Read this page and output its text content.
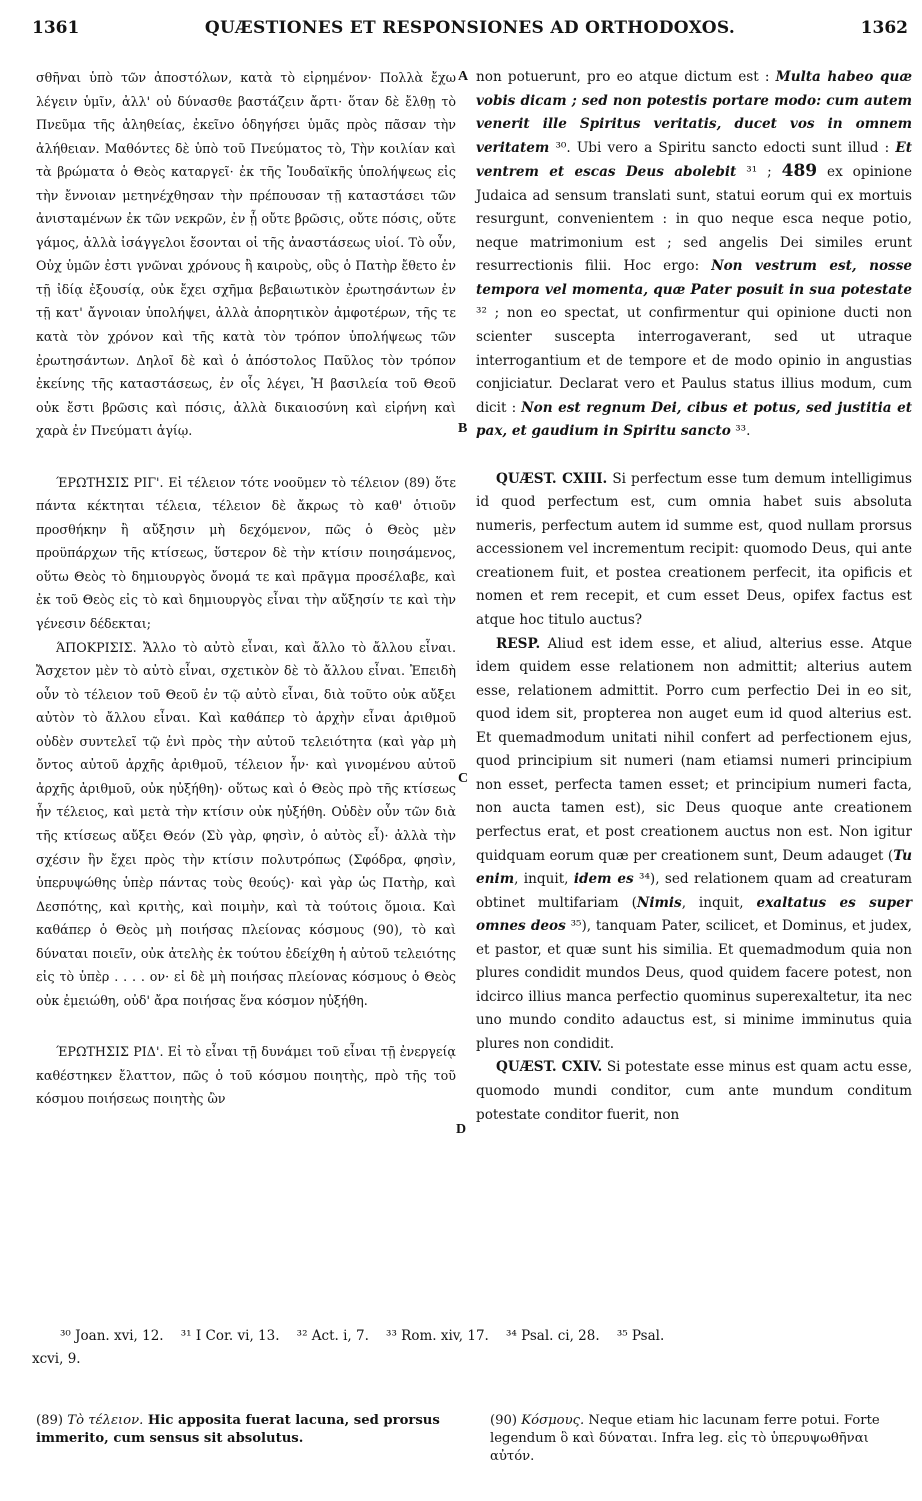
1361	QUÆSTIONES ET RESPONSIONES AD ORTHODOXOS.	1362
A
B
C
D

σθῆναι ὑπὸ τῶν ἀποστόλων, κατὰ τὸ εἰρημένον· Πολλὰ ἔχω λέγειν ὑμῖν, ἀλλ' οὐ δύνασθε βαστάζειν ἄρτι· ὅταν δὲ ἔλθῃ τὸ Πνεῦμα τῆς ἀληθείας, ἐκεῖνο ὁδηγήσει ὑμᾶς πρὸς πᾶσαν τὴν ἀλήθειαν. Μαθόντες δὲ ὑπὸ τοῦ Πνεύματος τὸ, Τὴν κοιλίαν καὶ τὰ βρώματα ὁ Θεὸς καταργεῖ· ἐκ τῆς Ἰουδαϊκῆς ὑπολήψεως εἰς τὴν ἔννοιαν μετηνέχθησαν τὴν πρέπουσαν τῇ καταστάσει τῶν ἀνισταμένων ἐκ τῶν νεκρῶν, ἐν ᾗ οὔτε βρῶσις, οὔτε πόσις, οὔτε γάμος, ἀλλὰ ἰσάγγελοι ἔσονται οἱ τῆς ἀναστάσεως υἱοί. Τὸ οὖν, Οὐχ ὑμῶν ἐστι γνῶναι χρόνους ἢ καιροὺς, οὓς ὁ Πατὴρ ἔθετο ἐν τῇ ἰδίᾳ ἐξουσίᾳ, οὐκ ἔχει σχῆμα βεβαιωτικὸν ἐρωτησάντων ἐν τῇ κατ' ἄγνοιαν ὑπολήψει, ἀλλὰ ἀπορητικὸν ἀμφοτέρων, τῆς τε κατὰ τὸν χρόνον καὶ τῆς κατὰ τὸν τρόπον ὑπολήψεως τῶν ἐρωτησάντων. Δηλοῖ δὲ καὶ ὁ ἀπόστολος Παῦλος τὸν τρόπον ἐκείνης τῆς καταστάσεως, ἐν οἷς λέγει, Ἡ βασιλεία τοῦ Θεοῦ οὐκ ἔστι βρῶσις καὶ πόσις, ἀλλὰ δικαιοσύνη καὶ εἰρήνη καὶ χαρὰ ἐν Πνεύματι ἁγίῳ.

ΈΡΩΤΗΣΙΣ ΡΙΓ'. Εἰ τέλειον τότε νοοῦμεν τὸ τέλειον (89) ὅτε πάντα κέκτηται τέλεια, τέλειον δὲ ἄκρως τὸ καθ' ὁτιοῦν προσθήκην ἢ αὔξησιν μὴ δεχόμενον, πῶς ὁ Θεὸς μὲν προϋπάρχων τῆς κτίσεως, ὕστερον δὲ τὴν κτίσιν ποιησάμενος, οὕτω Θεὸς τὸ δημιουργὸς ὄνομά τε καὶ πρᾶγμα προσέλαβε, καὶ ἐκ τοῦ Θεὸς εἰς τὸ καὶ δημιουργὸς εἶναι τὴν αὔξησίν τε καὶ τὴν γένεσιν δέδεκται;

ΆΠΟΚΡΙΣΙΣ. Ἄλλο τὸ αὐτὸ εἶναι, καὶ ἄλλο τὸ ἄλλου εἶναι. Ἄσχετον μὲν τὸ αὐτὸ εἶναι, σχετικὸν δὲ τὸ ἄλλου εἶναι. Ἐπειδὴ οὖν τὸ τέλειον τοῦ Θεοῦ ἐν τῷ αὐτὸ εἶναι, διὰ τοῦτο οὐκ αὔξει αὐτὸν τὸ ἄλλου εἶναι. Καὶ καθάπερ τὸ ἀρχὴν εἶναι ἀριθμοῦ οὐδὲν συντελεῖ τῷ ἑνὶ πρὸς τὴν αὐτοῦ τελειότητα (καὶ γὰρ μὴ ὄντος αὐτοῦ ἀρχῆς ἀριθμοῦ, τέλειον ἦν· καὶ γινομένου αὐτοῦ ἀρχῆς ἀριθμοῦ, οὐκ ηὐξήθη)· οὕτως καὶ ὁ Θεὸς πρὸ τῆς κτίσεως ἦν τέλειος, καὶ μετὰ τὴν κτίσιν οὐκ ηὐξήθη. Οὐδὲν οὖν τῶν διὰ τῆς κτίσεως αὔξει Θεόν (Σὺ γὰρ, φησὶν, ὁ αὐτὸς εἶ)· ἀλλὰ τὴν σχέσιν ἣν ἔχει πρὸς τὴν κτίσιν πολυτρόπως (Σφόδρα, φησὶν, ὑπερυψώθης ὑπὲρ πάντας τοὺς θεούς)· καὶ γὰρ ὡς Πατὴρ, καὶ Δεσπότης, καὶ κριτὴς, καὶ ποιμὴν, καὶ τὰ τούτοις ὅμοια. Καὶ καθάπερ ὁ Θεὸς μὴ ποιήσας πλείονας κόσμους (90), τὸ καὶ δύναται ποιεῖν, οὐκ ἀτελὴς ἐκ τούτου ἐδείχθη ἡ αὐτοῦ τελειότης εἰς τὸ ὑπὲρ . . . . ον· εἰ δὲ μὴ ποιήσας πλείονας κόσμους ὁ Θεὸς οὐκ ἐμειώθη, οὐδ' ἄρα ποιήσας ἕνα κόσμον ηὐξήθη.

ΈΡΩΤΗΣΙΣ ΡΙΔ'. Εἰ τὸ εἶναι τῇ δυνάμει τοῦ εἶναι τῇ ἐνεργείᾳ καθέστηκεν ἔλαττον, πῶς ὁ τοῦ κόσμου ποιητὴς, πρὸ τῆς τοῦ κόσμου ποιήσεως ποιητὴς ὢν

non potuerunt, pro eo atque dictum est : Multa habeo quæ vobis dicam ; sed non potestis portare modo: cum autem venerit ille Spiritus veritatis, ducet vos in omnem veritatem ³⁰. Ubi vero a Spiritu sancto edocti sunt illud : Et ventrem et escas Deus abolebit ³¹ ; 489 ex opinione Judaica ad sensum translati sunt, statui eorum qui ex mortuis resurgunt, convenientem : in quo neque esca neque potio, neque matrimonium est ; sed angelis Dei similes erunt resurrectionis filii. Hoc ergo: Non vestrum est, nosse tempora vel momenta, quæ Pater posuit in sua potestate ³² ; non eo spectat, ut confirmentur qui opinione ducti non scienter suscepta interrogaverant, sed ut utraque interrogantium et de tempore et de modo opinio in angustias conjiciatur. Declarat vero et Paulus status illius modum, cum dicit : Non est regnum Dei, cibus et potus, sed justitia et pax, et gaudium in Spiritu sancto ³³.

QUÆST. CXIII. Si perfectum esse tum demum intelligimus id quod perfectum est, cum omnia habet suis absoluta numeris, perfectum autem id summe est, quod nullam prorsus accessionem vel incrementum recipit: quomodo Deus, qui ante creationem fuit, et postea creationem perfecit, ita opificis et nomen et rem recepit, et cum esset Deus, opifex factus est atque hoc titulo auctus?

RESP. Aliud est idem esse, et aliud, alterius esse. Atque idem quidem esse relationem non admittit; alterius autem esse, relationem admittit. Porro cum perfectio Dei in eo sit, quod idem sit, propterea non auget eum id quod alterius est. Et quemadmodum unitati nihil confert ad perfectionem ejus, quod principium sit numeri (nam etiamsi numeri principium non esset, perfecta tamen esset; et principium numeri facta, non aucta tamen est), sic Deus quoque ante creationem perfectus erat, et post creationem auctus non est. Non igitur quidquam eorum quæ per creationem sunt, Deum adauget (Tu enim, inquit, idem es ³⁴), sed relationem quam ad creaturam obtinet multifariam (Nimis, inquit, exaltatus es super omnes deos ³⁵), tanquam Pater, scilicet, et Dominus, et judex, et pastor, et quæ sunt his similia. Et quemadmodum quia non plures condidit mundos Deus, quod quidem facere potest, non idcirco illius manca perfectio quominus superexaltetur, ita nec uno mundo condito adauctus est, si minime imminutus quia plures non condidit.

QUÆST. CXIV. Si potestate esse minus est quam actu esse, quomodo mundi conditor, cum ante mundum conditum potestate conditor fuerit, non

³⁰ Joan. xvi, 12.    ³¹ I Cor. vi, 13.    ³² Act. i, 7.    ³³ Rom. xiv, 17.    ³⁴ Psal. ci, 28.    ³⁵ Psal.
xcvi, 9.
(89) Τὸ τέλειον. Hic apposita fuerat lacuna, sed prorsus immerito, cum sensus sit absolutus.
(90) Κόσμους. Neque etiam hic lacunam ferre potui. Forte legendum ὃ καὶ δύναται. Infra leg. εἰς τὸ ὑπερυψωθῆναι αὐτόν.
